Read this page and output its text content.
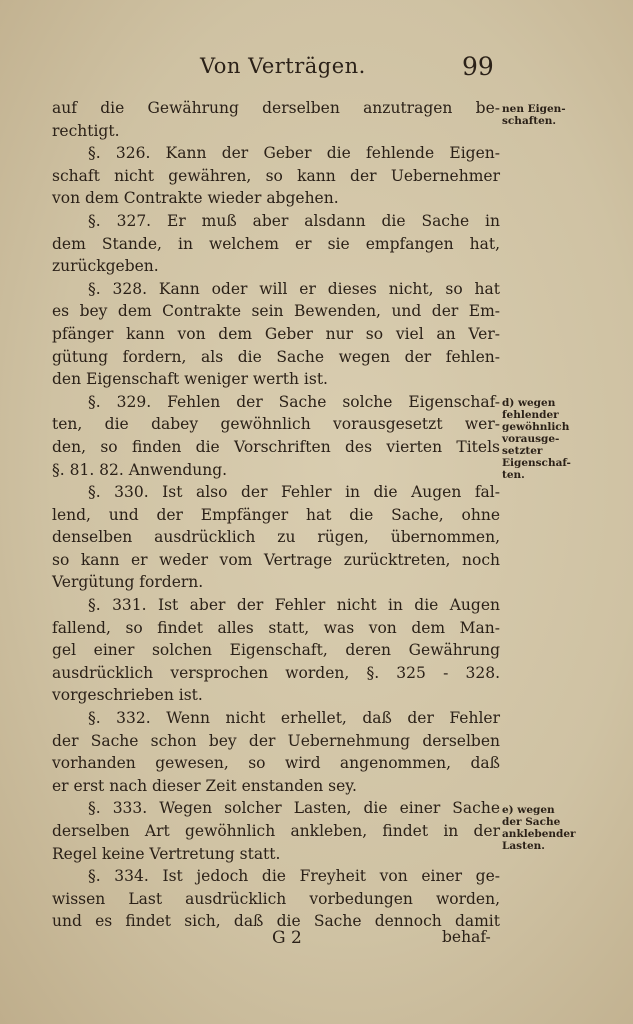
Von Verträgen.	99
auf die Gewährung derselben anzutragen be-
rechtigt.
§. 326. Kann der Geber die fehlende Eigen-
schaft nicht gewähren, so kann der Uebernehmer
von dem Contrakte wieder abgehen.
§. 327. Er muß aber alsdann die Sache in
dem Stande, in welchem er sie empfangen hat,
zurückgeben.
§. 328. Kann oder will er dieses nicht, so hat
es bey dem Contrakte sein Bewenden, und der Em-
pfänger kann von dem Geber nur so viel an Ver-
gütung fordern, als die Sache wegen der fehlen-
den Eigenschaft weniger werth ist.
§. 329. Fehlen der Sache solche Eigenschaf-
ten, die dabey gewöhnlich vorausgesetzt wer-
den, so finden die Vorschriften des vierten Titels
§. 81. 82. Anwendung.
§. 330. Ist also der Fehler in die Augen fal-
lend, und der Empfänger hat die Sache, ohne
denselben ausdrücklich zu rügen, übernommen,
so kann er weder vom Vertrage zurücktreten, noch
Vergütung fordern.
§. 331. Ist aber der Fehler nicht in die Augen
fallend, so findet alles statt, was von dem Man-
gel einer solchen Eigenschaft, deren Gewährung
ausdrücklich versprochen worden, §. 325 - 328.
vorgeschrieben ist.
§. 332. Wenn nicht erhellet, daß der Fehler
der Sache schon bey der Uebernehmung derselben
vorhanden gewesen, so wird angenommen, daß
er erst nach dieser Zeit enstanden sey.
§. 333. Wegen solcher Lasten, die einer Sache
derselben Art gewöhnlich ankleben, findet in der
Regel keine Vertretung statt.
§. 334. Ist jedoch die Freyheit von einer ge-
wissen Last ausdrücklich vorbedungen worden,
und es findet sich, daß die Sache dennoch damit
nen Eigen-
schaften.
d) wegen
fehlender
gewöhnlich
vorausge-
setzter
Eigenschaf-
ten.
e) wegen
der Sache
anklebender
Lasten.
G 2	behaf-
